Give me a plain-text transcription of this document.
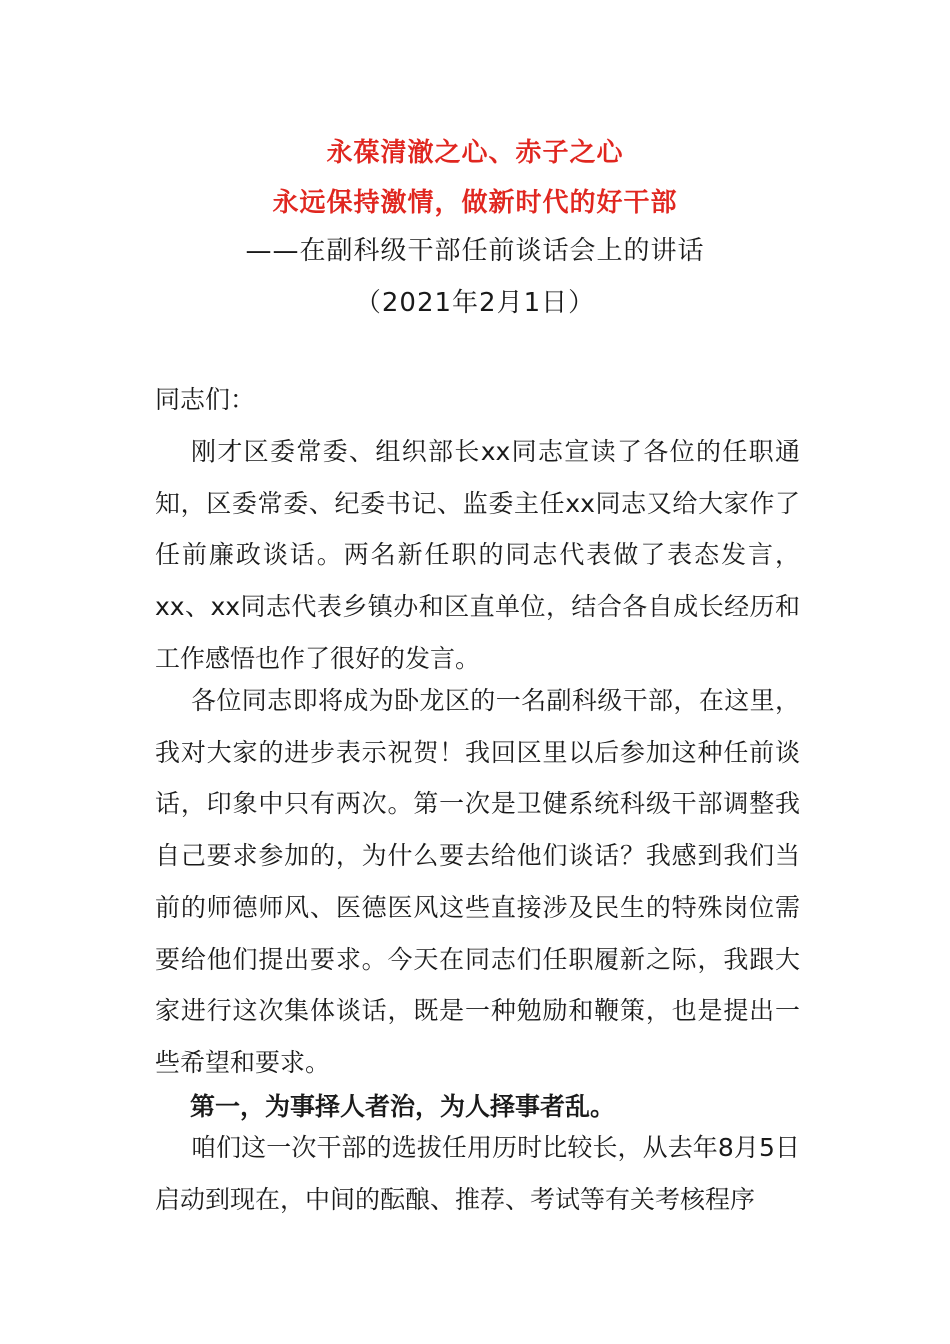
永葆清澈之心、赤子之心
永远保持激情，做新时代的好干部
——在副科级干部任前谈话会上的讲话
（2021年2月1日）
同志们：
刚才区委常委、组织部长xx同志宣读了各位的任职通知，区委常委、纪委书记、监委主任xx同志又给大家作了任前廉政谈话。两名新任职的同志代表做了表态发言，xx、xx同志代表乡镇办和区直单位，结合各自成长经历和工作感悟也作了很好的发言。
各位同志即将成为卧龙区的一名副科级干部，在这里，我对大家的进步表示祝贺！我回区里以后参加这种任前谈话，印象中只有两次。第一次是卫健系统科级干部调整我自己要求参加的，为什么要去给他们谈话？我感到我们当前的师德师风、医德医风这些直接涉及民生的特殊岗位需要给他们提出要求。今天在同志们任职履新之际，我跟大家进行这次集体谈话，既是一种勉励和鞭策，也是提出一些希望和要求。
第一，为事择人者治，为人择事者乱。
咱们这一次干部的选拔任用历时比较长，从去年8月5日启动到现在，中间的酝酿、推荐、考试等有关考核程序
